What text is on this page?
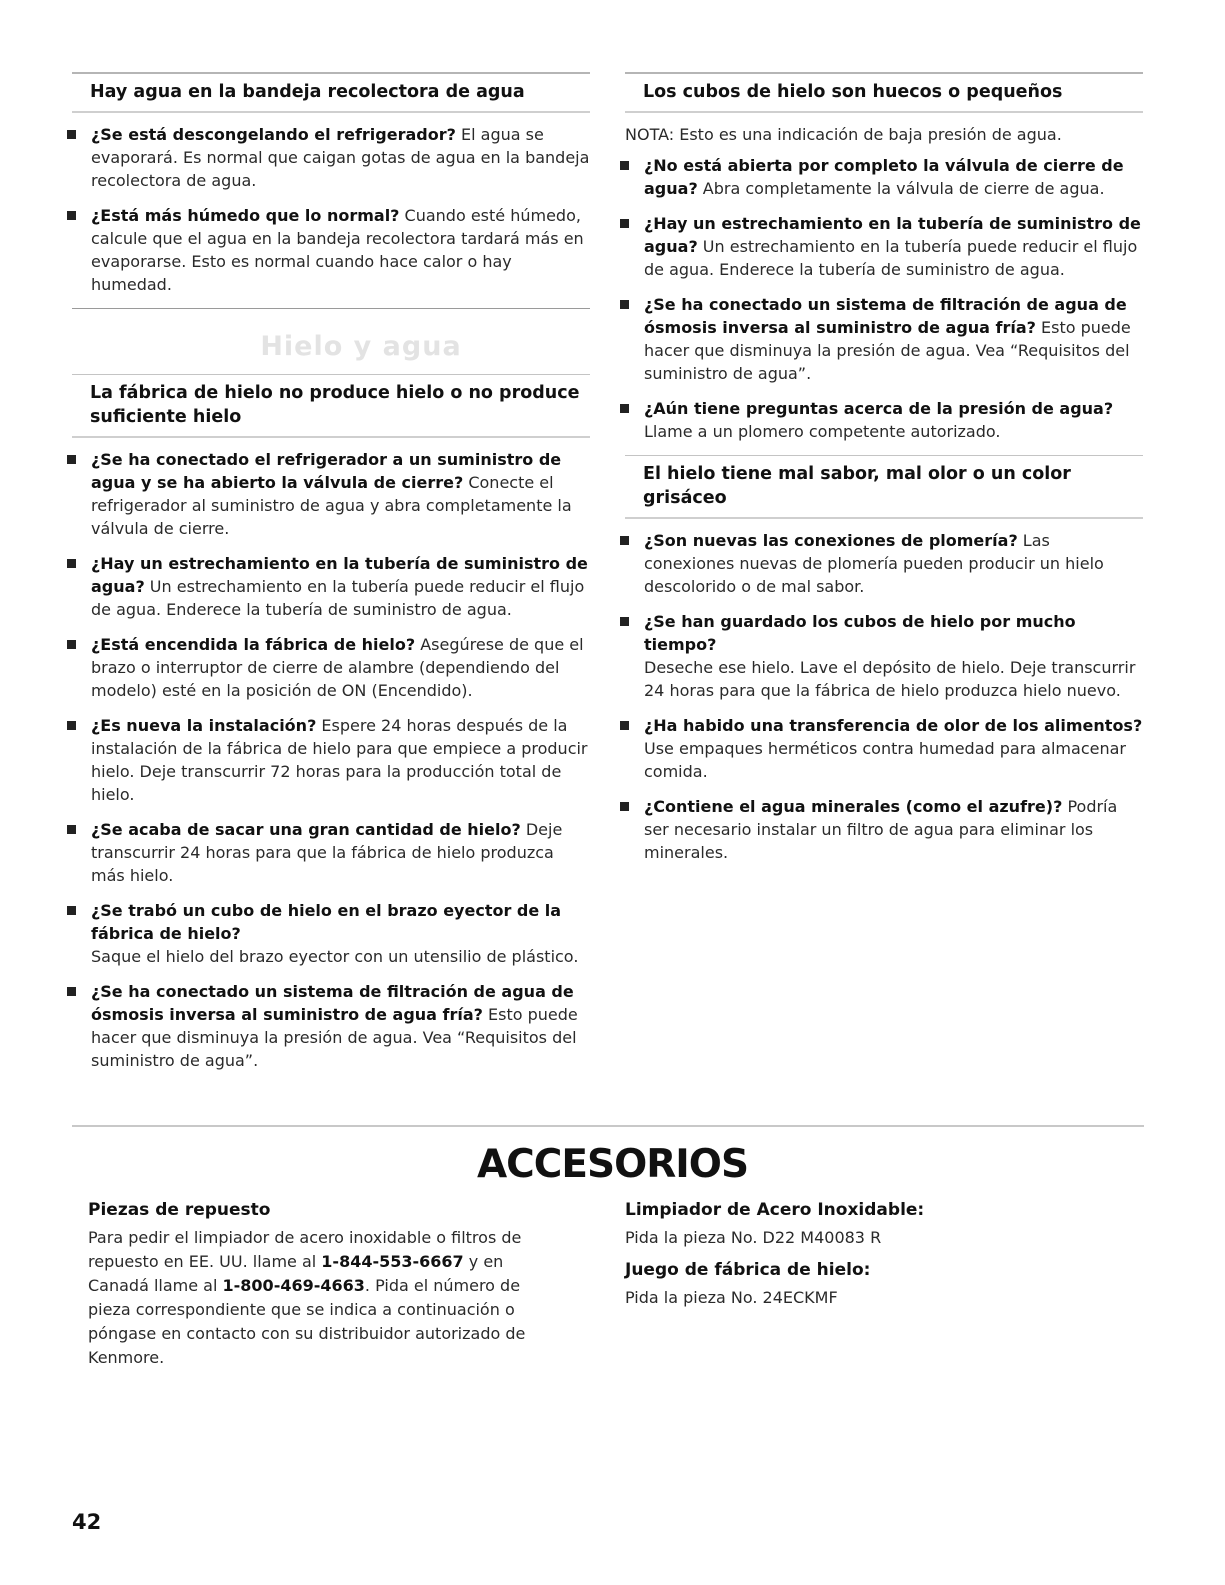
Hay agua en la bandeja recolectora de agua
¿Se está descongelando el refrigerador? El agua se evaporará. Es normal que caigan gotas de agua en la bandeja recolectora de agua.
¿Está más húmedo que lo normal? Cuando esté húmedo, calcule que el agua en la bandeja recolectora tardará más en evaporarse. Esto es normal cuando hace calor o hay humedad.
Hielo y agua
La fábrica de hielo no produce hielo o no produce suficiente hielo
¿Se ha conectado el refrigerador a un suministro de agua y se ha abierto la válvula de cierre? Conecte el refrigerador al suministro de agua y abra completamente la válvula de cierre.
¿Hay un estrechamiento en la tubería de suministro de agua? Un estrechamiento en la tubería puede reducir el flujo de agua. Enderece la tubería de suministro de agua.
¿Está encendida la fábrica de hielo? Asegúrese de que el brazo o interruptor de cierre de alambre (dependiendo del modelo) esté en la posición de ON (Encendido).
¿Es nueva la instalación? Espere 24 horas después de la instalación de la fábrica de hielo para que empiece a producir hielo. Deje transcurrir 72 horas para la producción total de hielo.
¿Se acaba de sacar una gran cantidad de hielo? Deje transcurrir 24 horas para que la fábrica de hielo produzca más hielo.
¿Se trabó un cubo de hielo en el brazo eyector de la fábrica de hielo?
Saque el hielo del brazo eyector con un utensilio de plástico.
¿Se ha conectado un sistema de filtración de agua de ósmosis inversa al suministro de agua fría? Esto puede hacer que disminuya la presión de agua. Vea “Requisitos del suministro de agua”.
Los cubos de hielo son huecos o pequeños
NOTA: Esto es una indicación de baja presión de agua.
¿No está abierta por completo la válvula de cierre de agua? Abra completamente la válvula de cierre de agua.
¿Hay un estrechamiento en la tubería de suministro de agua? Un estrechamiento en la tubería puede reducir el flujo de agua. Enderece la tubería de suministro de agua.
¿Se ha conectado un sistema de filtración de agua de ósmosis inversa al suministro de agua fría? Esto puede hacer que disminuya la presión de agua. Vea “Requisitos del suministro de agua”.
¿Aún tiene preguntas acerca de la presión de agua? Llame a un plomero competente autorizado.
El hielo tiene mal sabor, mal olor o un color grisáceo
¿Son nuevas las conexiones de plomería? Las conexiones nuevas de plomería pueden producir un hielo descolorido o de mal sabor.
¿Se han guardado los cubos de hielo por mucho tiempo?
Deseche ese hielo. Lave el depósito de hielo. Deje transcurrir 24 horas para que la fábrica de hielo produzca hielo nuevo.
¿Ha habido una transferencia de olor de los alimentos? Use empaques herméticos contra humedad para almacenar comida.
¿Contiene el agua minerales (como el azufre)? Podría ser necesario instalar un filtro de agua para eliminar los minerales.
ACCESORIOS
Piezas de repuesto
Para pedir el limpiador de acero inoxidable o filtros de repuesto en EE. UU. llame al 1-844-553-6667 y en Canadá llame al 1-800-469-4663. Pida el número de pieza correspondiente que se indica a continuación o póngase en contacto con su distribuidor autorizado de Kenmore.
Limpiador de Acero Inoxidable:
Pida la pieza No. D22 M40083 R
Juego de fábrica de hielo:
Pida la pieza No. 24ECKMF
42
